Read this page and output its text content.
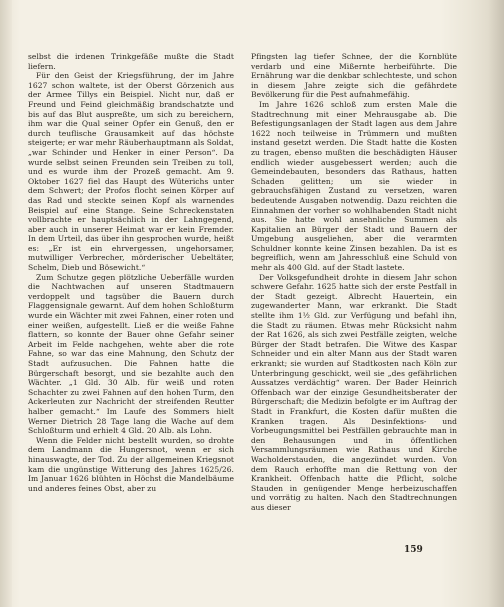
selbst die irdenen Trinkgefäße mußte die Stadt liefern.

Für den Geist der Kriegsführung, der im Jahre 1627 schon waltete, ist der Oberst Görzenich aus der Armee Tillys ein Beispiel. Nicht nur, daß er Freund und Feind gleichmäßig brandschatzte und bis auf das Blut auspreßte, um sich zu bereichern, ihm war die Qual seiner Opfer ein Genuß, den er durch teuflische Grausamkeit auf das höchste steigerte; er war mehr Räuberhauptmann als Soldat, „war Schinder und Henker in einer Person“. Da wurde selbst seinen Freunden sein Treiben zu toll, und es wurde ihm der Prozeß gemacht. Am 9. Oktober 1627 fiel das Haupt des Wüterichs unter dem Schwert; der Profos flocht seinen Körper auf das Rad und steckte seinen Kopf als warnendes Beispiel auf eine Stange. Seine Schreckenstaten vollbrachte er hauptsächlich in der Lahngegend, aber auch in unserer Heimat war er kein Fremder. In dem Urteil, das über ihn gesprochen wurde, heißt es: „Er ist ein ehrvergessen, ungehorsamer, mutwilliger Verbrecher, mörderischer Uebeltäter, Schelm, Dieb und Bösewicht.“

Zum Schutze gegen plötzliche Ueberfälle wurden die Nachtwachen auf unseren Stadtmauern verdoppelt und tagsüber die Bauern durch Flaggensignale gewarnt. Auf dem hohen Schloßturm wurde ein Wächter mit zwei Fahnen, einer roten und einer weißen, aufgestellt. Ließ er die weiße Fahne flattern, so konnte der Bauer ohne Gefahr seiner Arbeit im Felde nachgehen, wehte aber die rote Fahne, so war das eine Mahnung, den Schutz der Stadt aufzusuchen. Die Fahnen hatte die Bürgerschaft besorgt, und sie bezahlte auch den Wächter. „1 Gld. 30 Alb. für weiß und roten Schachter zu zwei Fahnen auf den hohen Turm, den Ackerleuten zur Nachricht der streifenden Reutter halber gemacht.“ Im Laufe des Sommers hielt Werner Dietrich 28 Tage lang die Wache auf dem Schloßturm und erhielt 4 Gld. 20 Alb. als Lohn.

Wenn die Felder nicht bestellt wurden, so drohte dem Landmann die Hungersnot, wenn er sich hinauswagte, der Tod. Zu der allgemeinen Kriegsnot kam die ungünstige Witterung des Jahres 1625/26. Im Januar 1626 blühten in Höchst die Mandelbäume und anderes feines Obst, aber zu

Pfingsten lag tiefer Schnee, der die Kornblüte verdarb und eine Mißernte herbeiführte. Die Ernährung war die denkbar schlechteste, und schon in diesem Jahre zeigte sich die gefährdete Bevölkerung für die Pest aufnahmefähig.

Im Jahre 1626 schloß zum ersten Male die Stadtrechnung mit einer Mehrausgabe ab. Die Befestigungsanlagen der Stadt lagen aus dem Jahre 1622 noch teilweise in Trümmern und mußten instand gesetzt werden. Die Stadt hatte die Kosten zu tragen, ebenso mußten die beschädigten Häuser endlich wieder ausgebessert werden; auch die Gemeindebauten, besonders das Rathaus, hatten Schaden gelitten; um sie wieder in gebrauchsfähigen Zustand zu versetzen, waren bedeutende Ausgaben notwendig. Dazu reichten die Einnahmen der vorher so wohlhabenden Stadt nicht aus. Sie hatte wohl ansehnliche Summen als Kapitalien an Bürger der Stadt und Bauern der Umgebung ausgeliehen, aber die verarmten Schuldner konnte keine Zinsen bezahlen. Da ist es begreiflich, wenn am Jahresschluß eine Schuld von mehr als 400 Gld. auf der Stadt lastete.

Der Volksgefundheit drohte in diesem Jahr schon schwere Gefahr. 1625 hatte sich der erste Pestfall in der Stadt gezeigt. Albrecht Hauertein, ein zugewanderter Mann, war erkrankt. Die Stadt stellte ihm 1½ Gld. zur Verfügung und befahl ihn, die Stadt zu räumen. Etwas mehr Rücksicht nahm der Rat 1626, als sich zwei Pestfälle zeigten, welche Bürger der Stadt betrafen. Die Witwe des Kaspar Schneider und ein alter Mann aus der Stadt waren erkrankt; sie wurden auf Stadtkosten nach Köln zur Unterbringung geschickt, weil sie „des gefährlichen Aussatzes verdächtig“ waren. Der Bader Heinrich Offenbach war der einzige Gesundheitsberater der Bürgerschaft; die Medizin befolgte er im Auftrag der Stadt in Frankfurt, die Kosten dafür mußten die Kranken tragen. Als Desinfektions- und Vorbeugungsmittel bei Pestfällen gebrauchte man in den Behausungen und in öffentlichen Versammlungsräumen wie Rathaus und Kirche Wacholderstauden, die angezündet wurden. Von dem Rauch erhoffte man die Rettung von der Krankheit. Offenbach hatte die Pflicht, solche Stauden in genügender Menge herbeizuschaffen und vorrätig zu halten. Nach den Stadtrechnungen aus dieser

159
